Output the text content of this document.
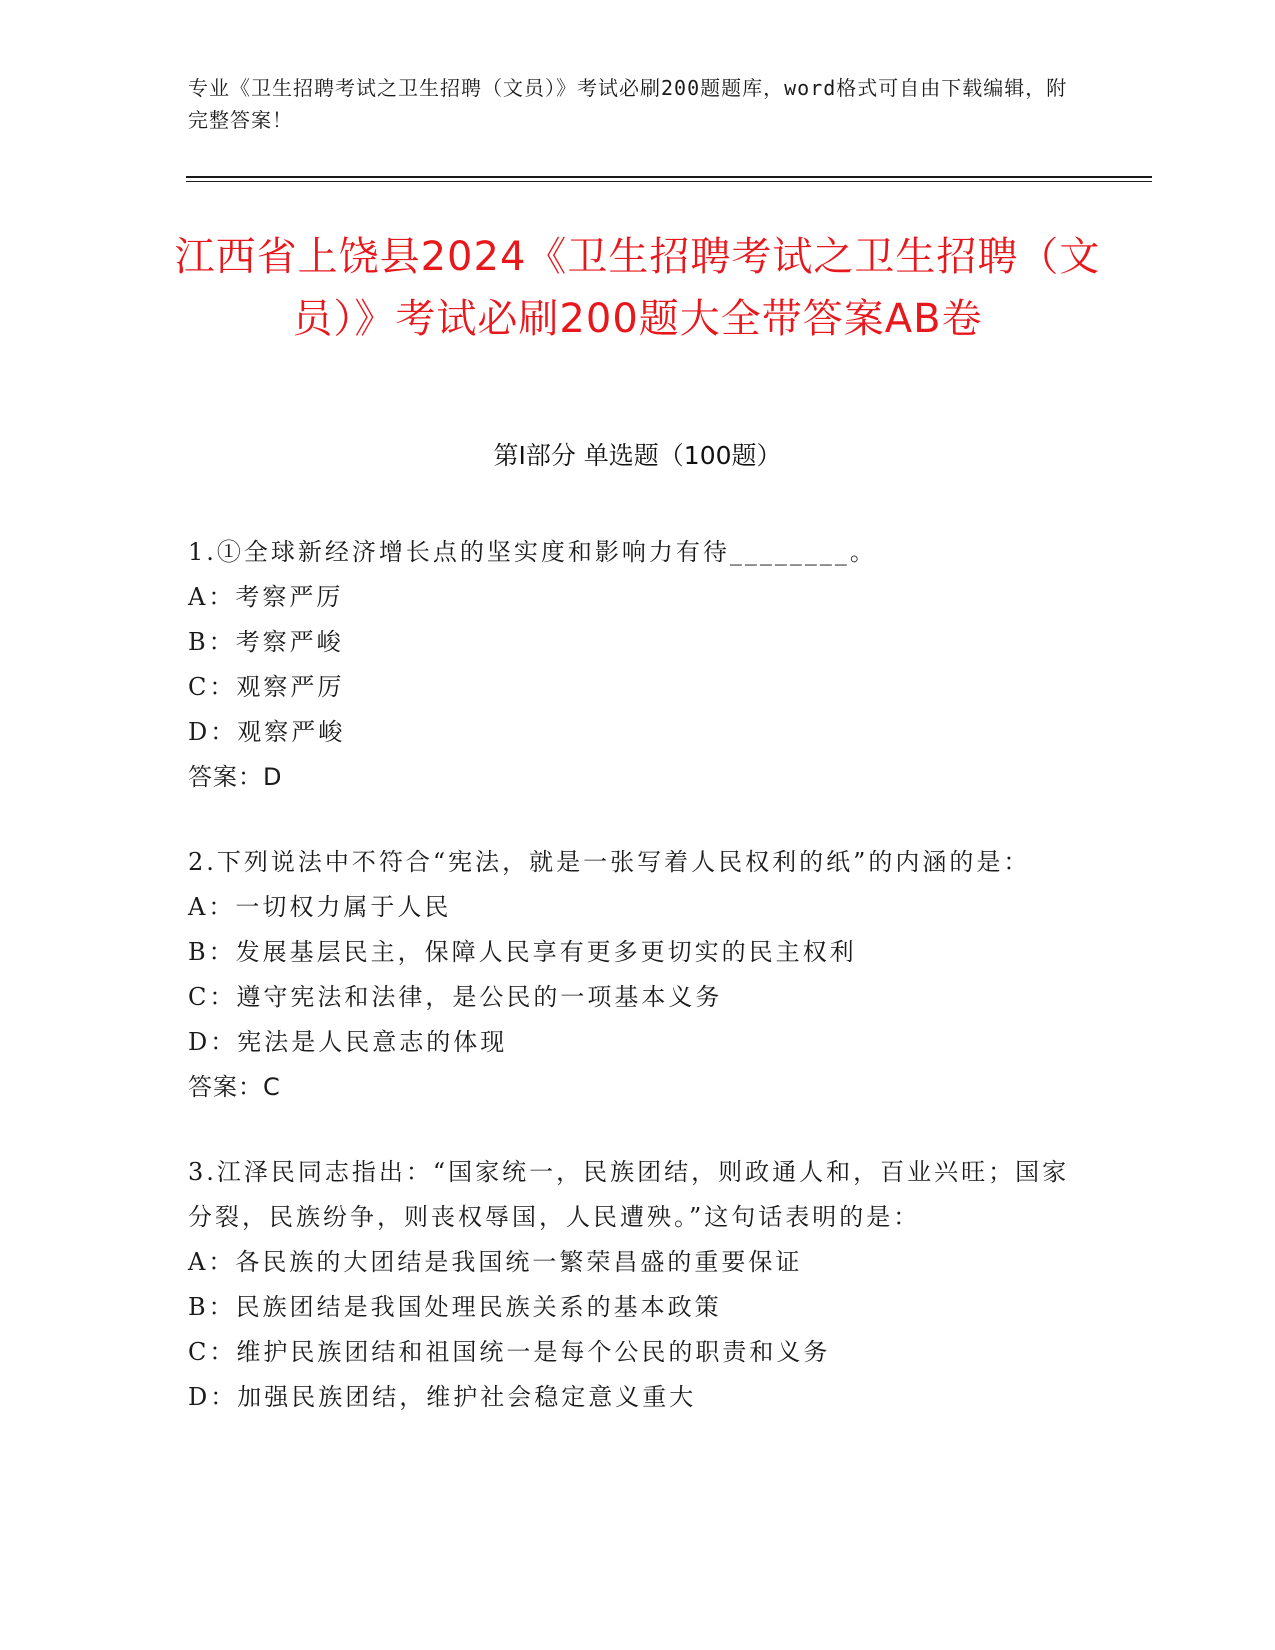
专业《卫生招聘考试之卫生招聘（文员）》考试必刷200题题库，word格式可自由下载编辑，附完整答案！
江西省上饶县2024《卫生招聘考试之卫生招聘（文员）》考试必刷200题大全带答案AB卷
第I部分 单选题（100题）

1.①全球新经济增长点的坚实度和影响力有待________。

A：考察严厉

B：考察严峻

C：观察严厉

D：观察严峻

答案：D

2.下列说法中不符合“宪法，就是一张写着人民权利的纸”的内涵的是：

A：一切权力属于人民

B：发展基层民主，保障人民享有更多更切实的民主权利

C：遵守宪法和法律，是公民的一项基本义务

D：宪法是人民意志的体现

答案：C

3.江泽民同志指出：“国家统一，民族团结，则政通人和，百业兴旺；国家分裂，民族纷争，则丧权辱国，人民遭殃。”这句话表明的是：

A：各民族的大团结是我国统一繁荣昌盛的重要保证

B：民族团结是我国处理民族关系的基本政策

C：维护民族团结和祖国统一是每个公民的职责和义务

D：加强民族团结，维护社会稳定意义重大
